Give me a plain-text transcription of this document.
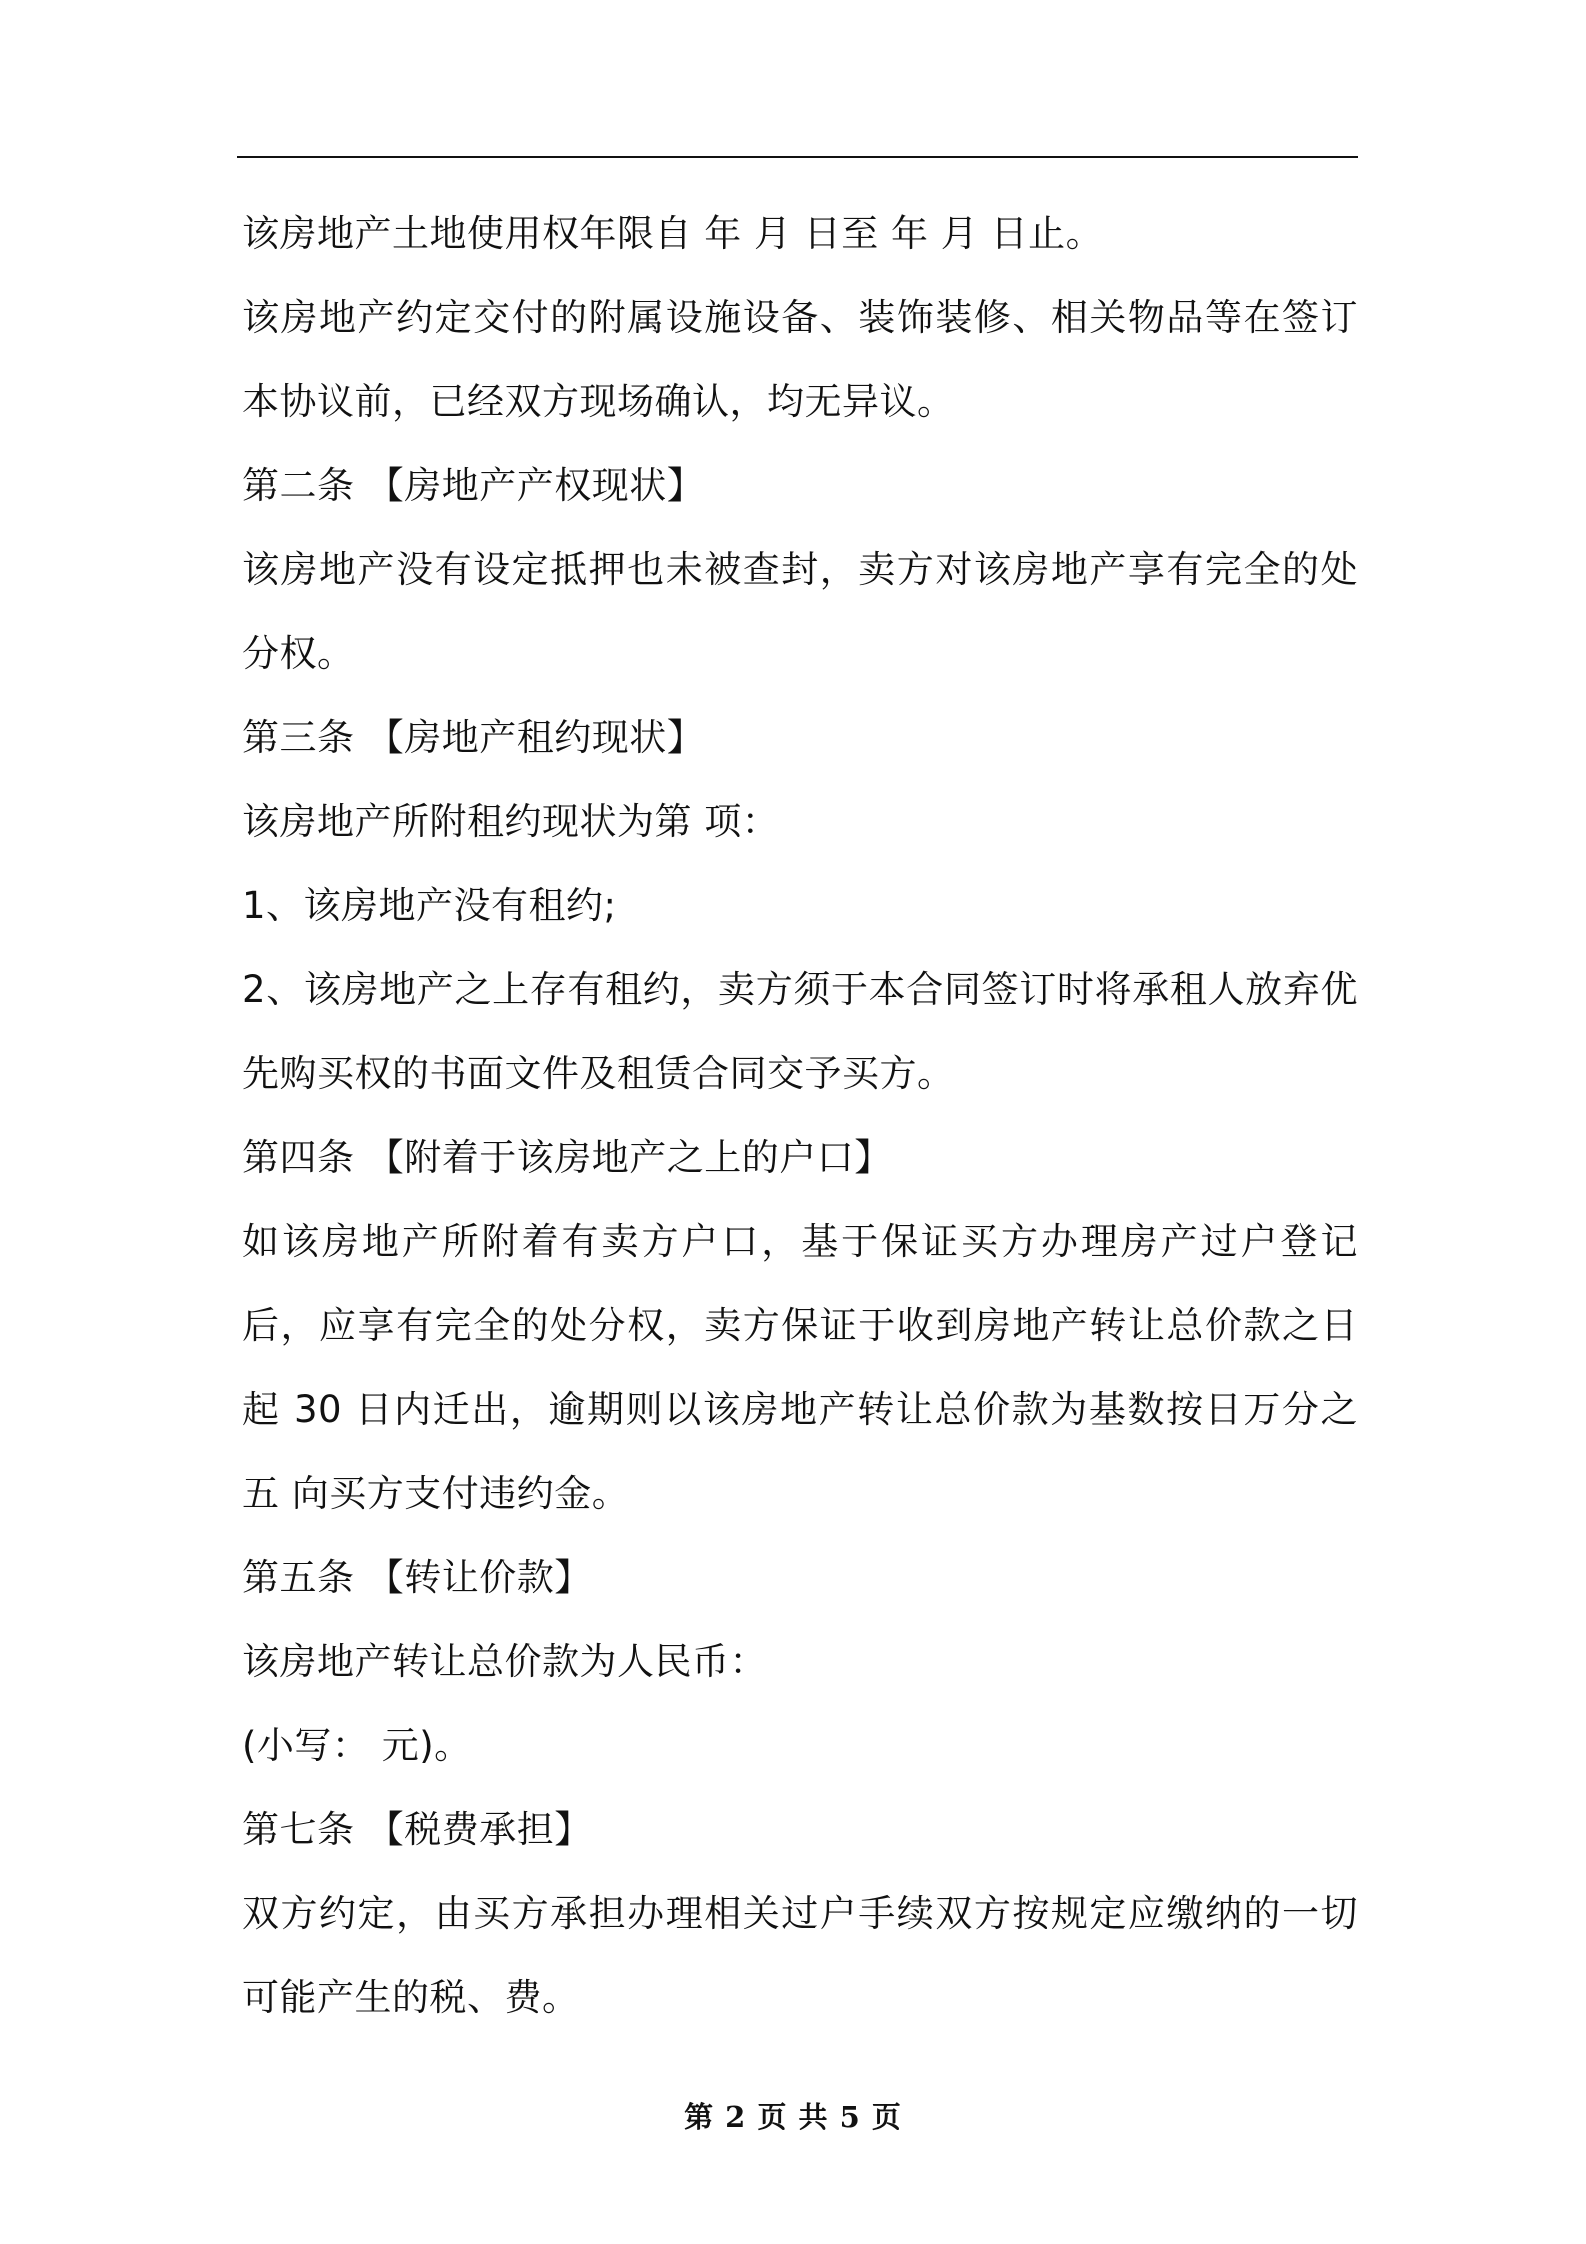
该房地产土地使用权年限自 年 月 日至 年 月 日止。

该房地产约定交付的附属设施设备、装饰装修、相关物品等在签订本协议前，已经双方现场确认，均无异议。

第二条 【房地产产权现状】

该房地产没有设定抵押也未被查封，卖方对该房地产享有完全的处分权。

第三条 【房地产租约现状】

该房地产所附租约现状为第 项：

1、该房地产没有租约;

2、该房地产之上存有租约，卖方须于本合同签订时将承租人放弃优先购买权的书面文件及租赁合同交予买方。

第四条 【附着于该房地产之上的户口】

如该房地产所附着有卖方户口，基于保证买方办理房产过户登记后，应享有完全的处分权，卖方保证于收到房地产转让总价款之日起 30 日内迁出，逾期则以该房地产转让总价款为基数按日万分之 五 向买方支付违约金。

第五条 【转让价款】

该房地产转让总价款为人民币：

(小写： 元)。

第七条 【税费承担】

双方约定，由买方承担办理相关过户手续双方按规定应缴纳的一切可能产生的税、费。

第 2 页 共 5 页
